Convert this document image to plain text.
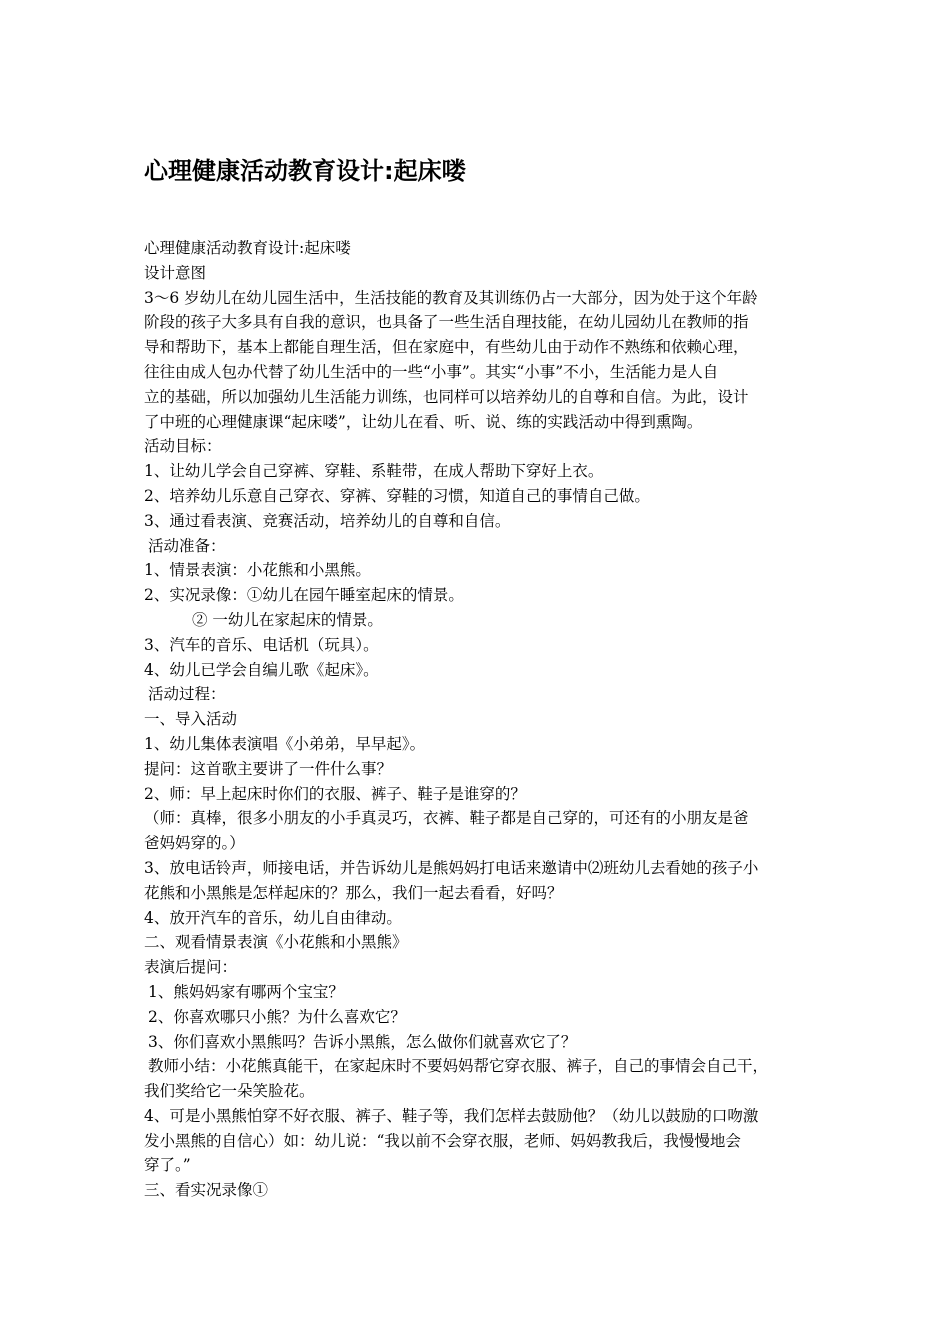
心理健康活动教育设计:起床喽
心理健康活动教育设计:起床喽
设计意图
3～6 岁幼儿在幼儿园生活中，生活技能的教育及其训练仍占一大部分，因为处于这个年龄
阶段的孩子大多具有自我的意识，也具备了一些生活自理技能，在幼儿园幼儿在教师的指
导和帮助下，基本上都能自理生活，但在家庭中，有些幼儿由于动作不熟练和依赖心理，
往往由成人包办代替了幼儿生活中的一些“小事”。其实“小事”不小，生活能力是人自
立的基础，所以加强幼儿生活能力训练，也同样可以培养幼儿的自尊和自信。为此，设计
了中班的心理健康课“起床喽”，让幼儿在看、听、说、练的实践活动中得到熏陶。
活动目标：
1、让幼儿学会自己穿裤、穿鞋、系鞋带，在成人帮助下穿好上衣。
2、培养幼儿乐意自己穿衣、穿裤、穿鞋的习惯，知道自己的事情自己做。
3、通过看表演、竞赛活动，培养幼儿的自尊和自信。
活动准备：
1、情景表演：小花熊和小黑熊。
2、实况录像：①幼儿在园午睡室起床的情景。
② 一幼儿在家起床的情景。
3、汽车的音乐、电话机（玩具）。
4、幼儿已学会自编儿歌《起床》。
活动过程：
一、导入活动
1、幼儿集体表演唱《小弟弟，早早起》。
提问：这首歌主要讲了一件什么事？
2、师：早上起床时你们的衣服、裤子、鞋子是谁穿的？
（师：真棒，很多小朋友的小手真灵巧，衣裤、鞋子都是自己穿的，可还有的小朋友是爸
爸妈妈穿的。）
3、放电话铃声，师接电话，并告诉幼儿是熊妈妈打电话来邀请中⑵班幼儿去看她的孩子小
花熊和小黑熊是怎样起床的？那么，我们一起去看看，好吗？
4、放开汽车的音乐，幼儿自由律动。
二、观看情景表演《小花熊和小黑熊》
表演后提问：
1、熊妈妈家有哪两个宝宝？
2、你喜欢哪只小熊？为什么喜欢它？
3、你们喜欢小黑熊吗？告诉小黑熊，怎么做你们就喜欢它了？
教师小结：小花熊真能干，在家起床时不要妈妈帮它穿衣服、裤子，自己的事情会自己干，
我们奖给它一朵笑脸花。
4、可是小黑熊怕穿不好衣服、裤子、鞋子等，我们怎样去鼓励他？（幼儿以鼓励的口吻激
发小黑熊的自信心）如：幼儿说：“我以前不会穿衣服，老师、妈妈教我后，我慢慢地会
穿了。”
三、看实况录像①
